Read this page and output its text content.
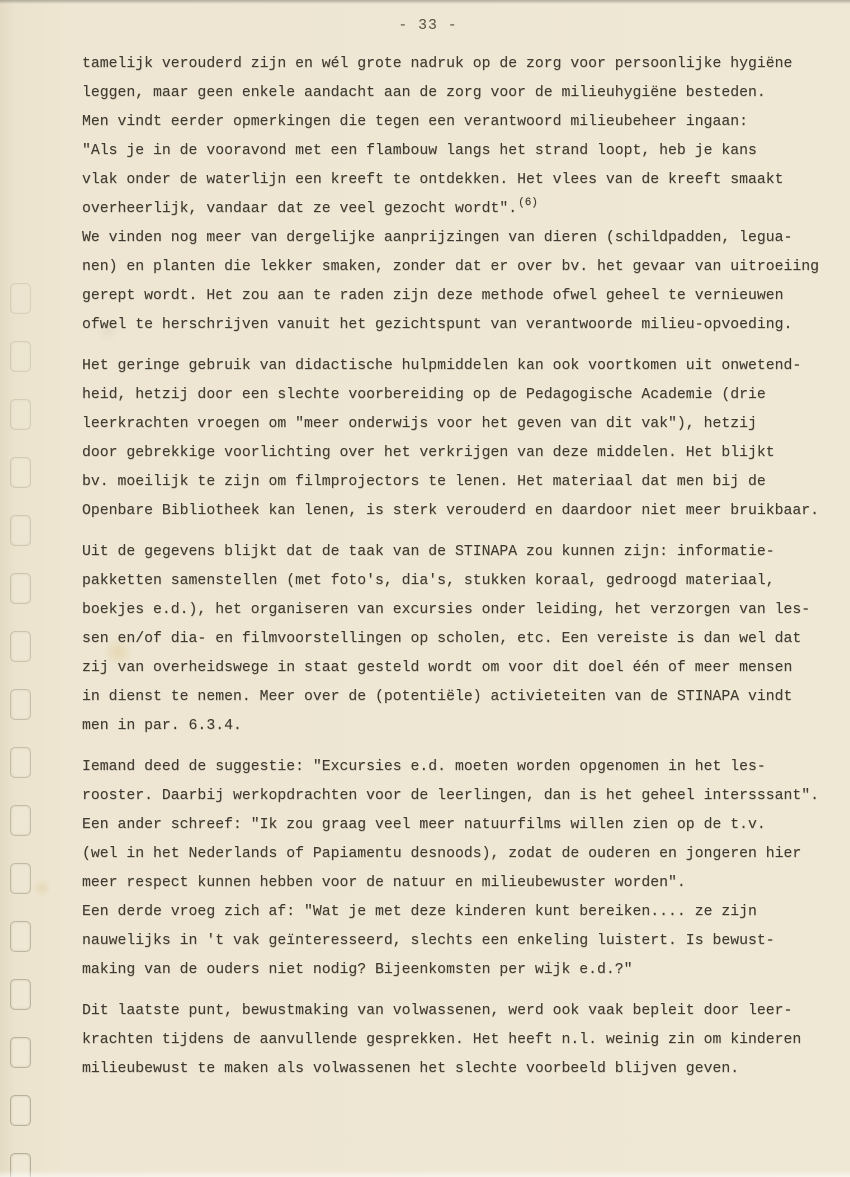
- 33 -
tamelijk verouderd zijn en wél grote nadruk op de zorg voor persoonlijke hygiëne
leggen, maar geen enkele aandacht aan de zorg voor de milieuhygiëne besteden.
Men vindt eerder opmerkingen die tegen een verantwoord milieubeheer ingaan:
"Als je in de vooravond met een flambouw langs het strand loopt, heb je kans
vlak onder de waterlijn een kreeft te ontdekken. Het vlees van de kreeft smaakt
overheerlijk, vandaar dat ze veel gezocht wordt".$^{(6)}$
We vinden nog meer van dergelijke aanprijzingen van dieren (schildpadden, legua-
nen) en planten die lekker smaken, zonder dat er over bv. het gevaar van uitroeiing
gerept wordt. Het zou aan te raden zijn deze methode ofwel geheel te vernieuwen
ofwel te herschrijven vanuit het gezichtspunt van verantwoorde milieu-opvoeding.
Het geringe gebruik van didactische hulpmiddelen kan ook voortkomen uit onwetend-
heid, hetzij door een slechte voorbereiding op de Pedagogische Academie (drie
leerkrachten vroegen om "meer onderwijs voor het geven van dit vak"), hetzij
door gebrekkige voorlichting over het verkrijgen van deze middelen. Het blijkt
bv. moeilijk te zijn om filmprojectors te lenen. Het materiaal dat men bij de
Openbare Bibliotheek kan lenen, is sterk verouderd en daardoor niet meer bruikbaar.
Uit de gegevens blijkt dat de taak van de STINAPA zou kunnen zijn: informatie-
pakketten samenstellen (met foto's, dia's, stukken koraal, gedroogd materiaal,
boekjes e.d.), het organiseren van excursies onder leiding, het verzorgen van les-
sen en/of dia- en filmvoorstellingen op scholen, etc. Een vereiste is dan wel dat
zij van overheidswege in staat gesteld wordt om voor dit doel één of meer mensen
in dienst te nemen. Meer over de (potentiële) activieteiten van de STINAPA vindt
men in par. 6.3.4.
Iemand deed de suggestie: "Excursies e.d. moeten worden opgenomen in het les-
rooster. Daarbij werkopdrachten voor de leerlingen, dan is het geheel intersssant".
Een ander schreef: "Ik zou graag veel meer natuurfilms willen zien op de t.v.
(wel in het Nederlands of Papiamentu desnoods), zodat de ouderen en jongeren hier
meer respect kunnen hebben voor de natuur en milieubewuster worden".
Een derde vroeg zich af: "Wat je met deze kinderen kunt bereiken.... ze zijn
nauwelijks in 't vak geïnteresseerd, slechts een enkeling luistert. Is bewust-
making van de ouders niet nodig? Bijeenkomsten per wijk e.d.?"
Dit laatste punt, bewustmaking van volwassenen, werd ook vaak bepleit door leer-
krachten tijdens de aanvullende gesprekken. Het heeft n.l. weinig zin om kinderen
milieubewust te maken als volwassenen het slechte voorbeeld blijven geven.
